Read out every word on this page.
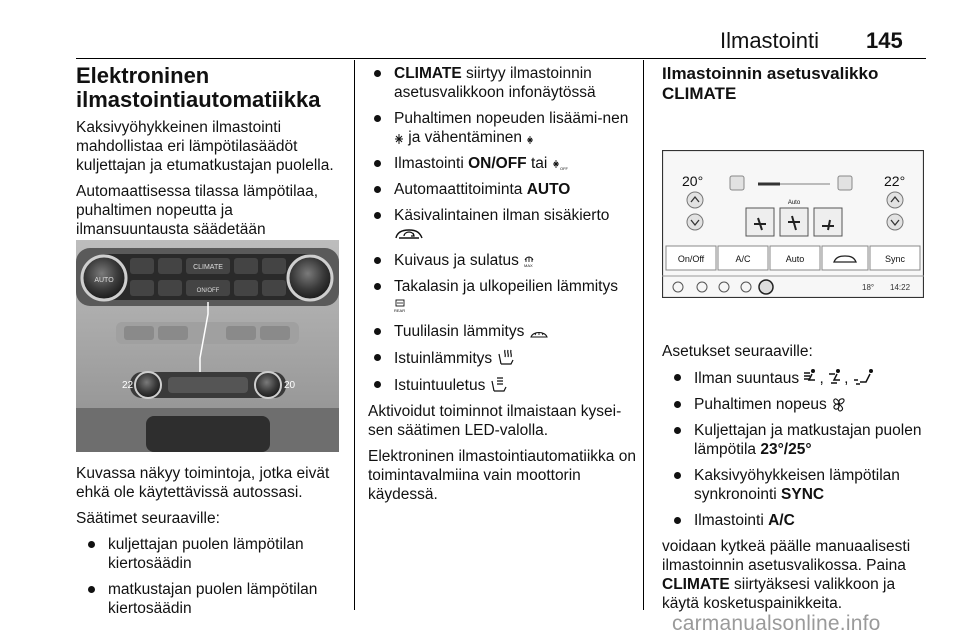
Ilmastointi 145
Elektroninen ilmastointiautomatiikka

Kaksivyöhykkeinen ilmastointi mahdollistaa eri lämpötilasäädöt kuljettajan ja etumatkustajan puolella.

Automaattisessa tilassa lämpötilaa, puhaltimen nopeutta ja ilmansuuntausta säädetään

AUTO
CLIMATE
ON/OFF
22	20

Kuvassa näkyy toimintoja, jotka eivät ehkä ole käytettävissä autossasi.

Säätimet seuraaville:

kuljettajan puolen lämpötilan kiertosäädin
matkustajan puolen lämpötilan kiertosäädin
CLIMATE siirtyy ilmastoinnin asetusvalikkoon infonäytössä
Puhaltimen nopeuden lisäämi-nen
ja vähentäminen
Ilmastointi ON/OFF tai	OFF
Automaattitoiminta AUTO
Käsivalintainen ilman sisäkierto

Kuivaus ja sulatus MAX
Takalasin ja ulkopeilien lämmitys

REAR
Tuulilasin lämmitys
Istuinlämmitys
Istuintuuletus

Aktivoidut toiminnot ilmaistaan kysei-sen säätimen LED-valolla.

Elektroninen ilmastointiautomatiikka on toimintavalmiina vain moottorin käydessä.

Ilmastoinnin asetusvalikko CLIMATE
20°	22°
Auto
On/Off	A/C	Auto	Sync
18° 14:22

Asetukset seuraaville:

Ilman suuntaus ,
,
Puhaltimen nopeus
Kuljettajan ja matkustajan puolen lämpötila 23°/25°
Kaksivyöhykkeisen lämpötilan synkronointi SYNC
Ilmastointi A/C

voidaan kytkeä päälle manuaalisesti ilmastoinnin asetusvalikossa. Paina CLIMATE siirtyäksesi valikkoon ja käytä kosketuspainikkeita.

carmanualsonline.info
